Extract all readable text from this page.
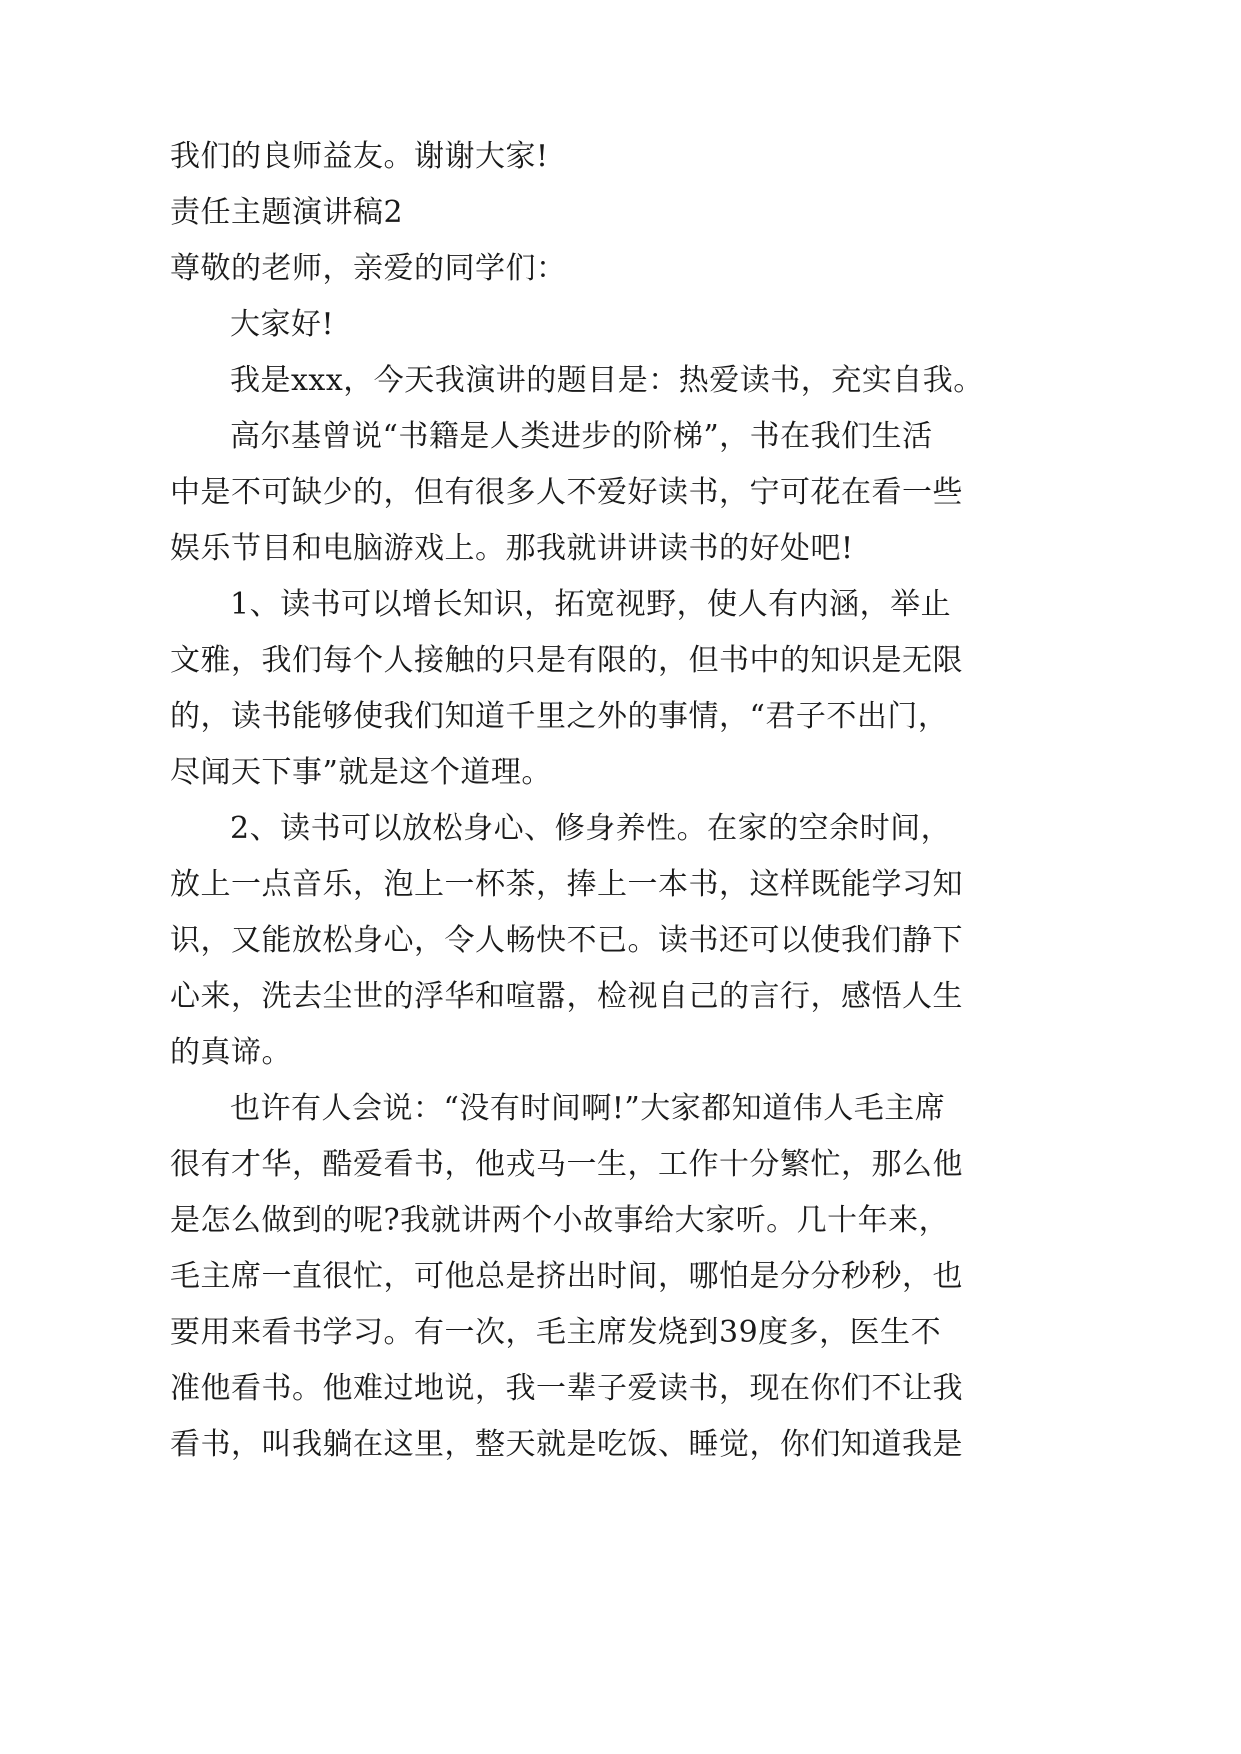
我们的良师益友。谢谢大家!
责任主题演讲稿2
尊敬的老师，亲爱的同学们：
大家好!
我是xxx，今天我演讲的题目是：热爱读书，充实自我。
高尔基曾说“书籍是人类进步的阶梯”，书在我们生活
中是不可缺少的，但有很多人不爱好读书，宁可花在看一些
娱乐节目和电脑游戏上。那我就讲讲读书的好处吧!
1、读书可以增长知识，拓宽视野，使人有内涵，举止
文雅，我们每个人接触的只是有限的，但书中的知识是无限
的，读书能够使我们知道千里之外的事情，“君子不出门，
尽闻天下事”就是这个道理。
2、读书可以放松身心、修身养性。在家的空余时间，
放上一点音乐，泡上一杯茶，捧上一本书，这样既能学习知
识，又能放松身心，令人畅快不已。读书还可以使我们静下
心来，洗去尘世的浮华和喧嚣，检视自己的言行，感悟人生
的真谛。
也许有人会说：“没有时间啊!”大家都知道伟人毛主席
很有才华，酷爱看书，他戎马一生，工作十分繁忙，那么他
是怎么做到的呢?我就讲两个小故事给大家听。几十年来，
毛主席一直很忙，可他总是挤出时间，哪怕是分分秒秒，也
要用来看书学习。有一次，毛主席发烧到39度多，医生不
准他看书。他难过地说，我一辈子爱读书，现在你们不让我
看书，叫我躺在这里，整天就是吃饭、睡觉，你们知道我是
